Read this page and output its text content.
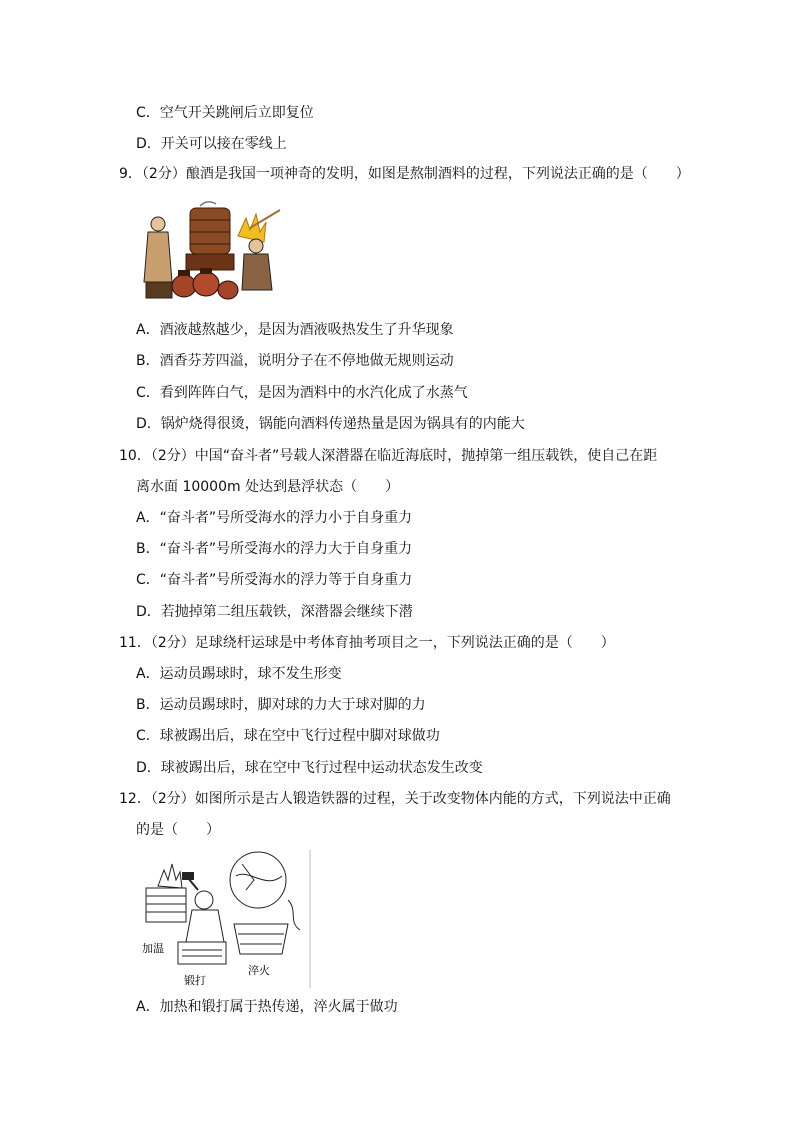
C．空气开关跳闸后立即复位
D．开关可以接在零线上
9．（2分）酿酒是我国一项神奇的发明，如图是熬制酒料的过程，下列说法正确的是（　　）
A．酒液越熬越少，是因为酒液吸热发生了升华现象
B．酒香芬芳四溢，说明分子在不停地做无规则运动
C．看到阵阵白气，是因为酒料中的水汽化成了水蒸气
D．锅炉烧得很烫，锅能向酒料传递热量是因为锅具有的内能大
10．（2分）中国“奋斗者”号载人深潜器在临近海底时，抛掉第一组压载铁，使自己在距
离水面 10000m 处达到悬浮状态（　　）
A．“奋斗者”号所受海水的浮力小于自身重力
B．“奋斗者”号所受海水的浮力大于自身重力
C．“奋斗者”号所受海水的浮力等于自身重力
D．若抛掉第二组压载铁，深潜器会继续下潜
11．（2分）足球绕杆运球是中考体育抽考项目之一，下列说法正确的是（　　）
A．运动员踢球时，球不发生形变
B．运动员踢球时，脚对球的力大于球对脚的力
C．球被踢出后，球在空中飞行过程中脚对球做功
D．球被踢出后，球在空中飞行过程中运动状态发生改变
12．（2分）如图所示是古人锻造铁器的过程，关于改变物体内能的方式，下列说法中正确
的是（　　）
加温
锻打
淬火
A．加热和锻打属于热传递，淬火属于做功
